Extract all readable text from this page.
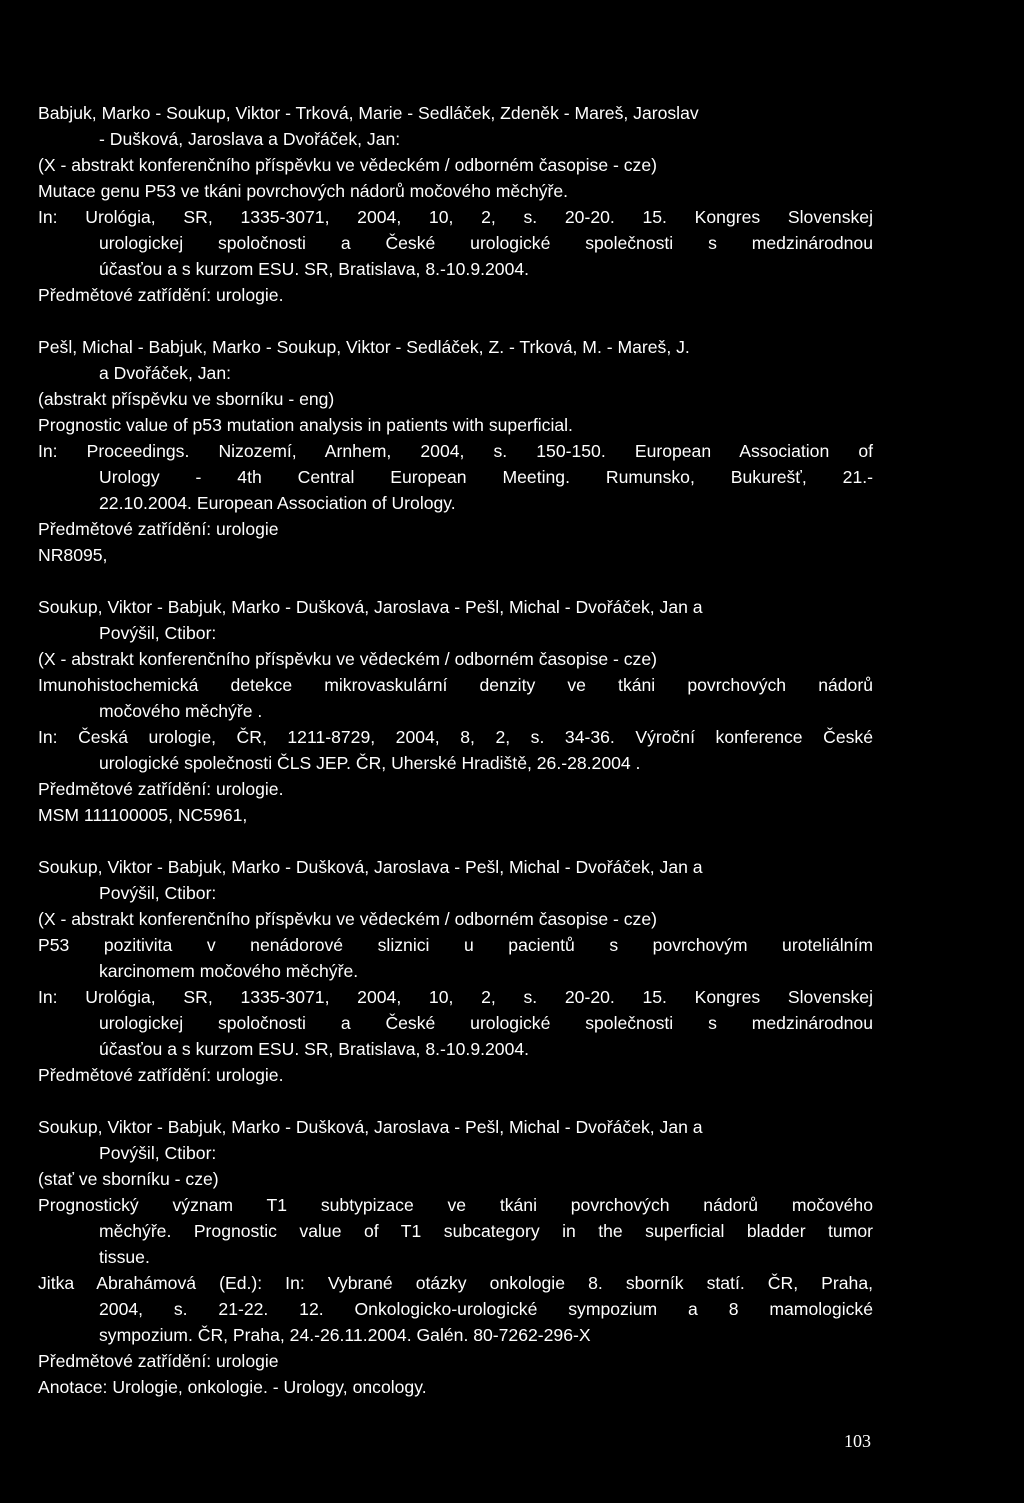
Babjuk, Marko - Soukup, Viktor - Trková, Marie - Sedláček, Zdeněk - Mareš, Jaroslav
- Dušková, Jaroslava a Dvořáček, Jan:
(X - abstrakt konferenčního příspěvku ve vědeckém / odborném časopise - cze)
Mutace genu P53 ve tkáni povrchových nádorů močového měchýře.
In: Urológia, SR, 1335-3071, 2004, 10, 2, s. 20-20. 15. Kongres Slovenskej
urologickej spoločnosti a České urologické společnosti s medzinárodnou
účasťou a s kurzom ESU. SR, Bratislava, 8.-10.9.2004.
Předmětové zatřídění: urologie.
Pešl, Michal - Babjuk, Marko - Soukup, Viktor - Sedláček, Z. - Trková, M. - Mareš, J.
a Dvořáček, Jan:
(abstrakt příspěvku ve sborníku - eng)
Prognostic value of p53 mutation analysis in patients with superficial.
In: Proceedings. Nizozemí, Arnhem, 2004, s. 150-150. European Association of
Urology - 4th Central European Meeting. Rumunsko, Bukurešť, 21.-
22.10.2004. European Association of Urology.
Předmětové zatřídění: urologie
NR8095,
Soukup, Viktor - Babjuk, Marko - Dušková, Jaroslava - Pešl, Michal - Dvořáček, Jan a
Povýšil, Ctibor:
(X - abstrakt konferenčního příspěvku ve vědeckém / odborném časopise - cze)
Imunohistochemická detekce mikrovaskulární denzity ve tkáni povrchových nádorů
močového měchýře .
In: Česká urologie, ČR, 1211-8729, 2004, 8, 2, s. 34-36. Výroční konference České
urologické společnosti ČLS JEP. ČR, Uherské Hradiště, 26.-28.2004 .
Předmětové zatřídění: urologie.
MSM 111100005, NC5961,
Soukup, Viktor - Babjuk, Marko - Dušková, Jaroslava - Pešl, Michal - Dvořáček, Jan a
Povýšil, Ctibor:
(X - abstrakt konferenčního příspěvku ve vědeckém / odborném časopise - cze)
P53 pozitivita v nenádorové sliznici u pacientů s povrchovým uroteliálním
karcinomem močového měchýře.
In: Urológia, SR, 1335-3071, 2004, 10, 2, s. 20-20. 15. Kongres Slovenskej
urologickej spoločnosti a České urologické společnosti s medzinárodnou
účasťou a s kurzom ESU. SR, Bratislava, 8.-10.9.2004.
Předmětové zatřídění: urologie.
Soukup, Viktor - Babjuk, Marko - Dušková, Jaroslava - Pešl, Michal - Dvořáček, Jan a
Povýšil, Ctibor:
(stať ve sborníku - cze)
Prognostický význam T1 subtypizace ve tkáni povrchových nádorů močového
měchýře. Prognostic value of T1 subcategory in the superficial bladder tumor
tissue.
Jitka Abrahámová (Ed.): In: Vybrané otázky onkologie 8. sborník statí. ČR, Praha,
2004, s. 21-22. 12. Onkologicko-urologické sympozium a 8 mamologické
sympozium. ČR, Praha, 24.-26.11.2004. Galén. 80-7262-296-X
Předmětové zatřídění: urologie
Anotace: Urologie, onkologie. - Urology, oncology.
103
